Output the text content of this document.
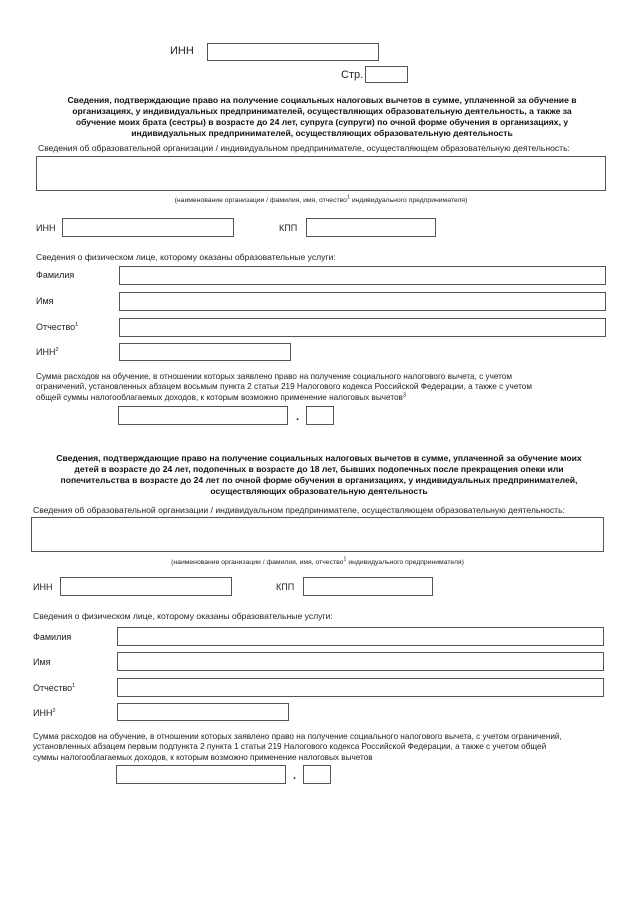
ИНН
Стр.
Сведения, подтверждающие право на получение социальных налоговых вычетов в сумме, уплаченной за обучение в
организациях, у индивидуальных предпринимателей, осуществляющих образовательную деятельность, а также за
обучение моих брата (сестры) в возрасте до 24 лет, супруга (супруги) по очной форме обучения в организациях, у
индивидуальных предпринимателей, осуществляющих образовательную деятельность
Сведения об образовательной организации / индивидуальном предпринимателе, осуществляющем образовательную деятельность:
(наименование организации / фамилия, имя, отчество$^1$ индивидуального предпринимателя)
ИНН	КПП
Сведения о физическом лице, которому оказаны образовательные услуги:
Фамилия
Имя
Отчество$^1$
ИНН$^2$
Сумма расходов на обучение, в отношении которых заявлено право на получение социального налогового вычета, с учетом
ограничений, установленных абзацем восьмым пункта 2 статьи 219 Налогового кодекса Российской Федерации, а также с учетом
общей суммы налогооблагаемых доходов, к которым возможно применение налоговых вычетов$^3$
.
Сведения, подтверждающие право на получение социальных налоговых вычетов в сумме, уплаченной за обучение моих
детей в возрасте до 24 лет, подопечных в возрасте до 18 лет, бывших подопечных после прекращения опеки или
попечительства в возрасте до 24 лет по очной форме обучения в организациях, у индивидуальных предпринимателей,
осуществляющих образовательную деятельность
Сведения об образовательной организации / индивидуальном предпринимателе, осуществляющем образовательную деятельность:
(наименование организации / фамилия, имя, отчество$^1$ индивидуального предпринимателя)
ИНН	КПП
Сведения о физическом лице, которому оказаны образовательные услуги:
Фамилия
Имя
Отчество$^1$
ИНН$^2$
Сумма расходов на обучение, в отношении которых заявлено право на получение социального налогового вычета, с учетом ограничений,
установленных абзацем первым подпункта 2 пункта 1 статьи 219 Налогового кодекса Российской Федерации, а также с учетом общей
суммы налогооблагаемых доходов, к которым возможно применение налоговых вычетов
.
